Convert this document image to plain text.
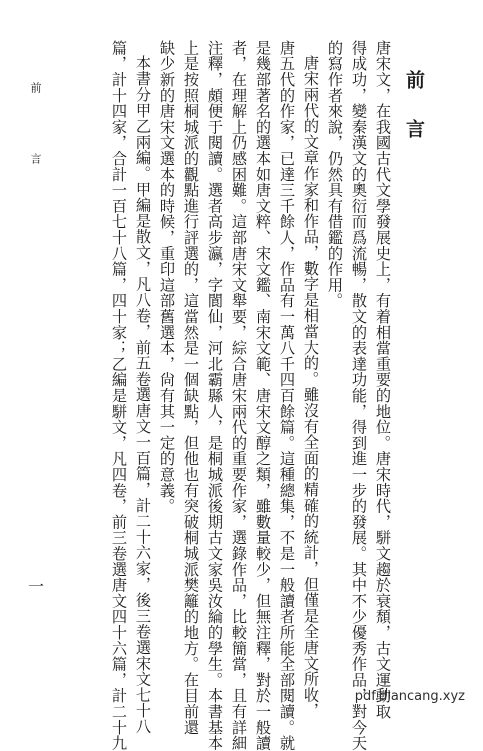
前言
唐宋文，在我國古代文學發展史上，有着相當重要的地位。唐宋時代，駢文趨於衰頹，古文運動取
得成功，變秦漢文的奧衍而爲流暢，散文的表達功能，得到進一步的發展。其中不少優秀作品，對今天
的寫作者來說，仍然具有借鑑的作用。
唐宋兩代的文章作家和作品，數字是相當大的。雖沒有全面的精確的統計，但僅是全唐文所收，
唐五代的作家，已達三千餘人，作品有一萬八千四百餘篇。這種總集，不是一般讀者所能全部閱讀。就
是幾部著名的選本如唐文粹、宋文鑑、南宋文範、唐宋文醇之類，雖數量較少，但無注釋，對於一般讀
者，在理解上仍感困難。這部唐宋文舉要，綜合唐宋兩代的重要作家，選錄作品，比較簡當，且有詳細
注釋，頗便于閱讀。選者高步瀛，字閬仙，河北霸縣人，是桐城派後期古文家吳汝綸的學生。本書基本
上是按照桐城派的觀點進行評選的，這當然是一個缺點，但他也有突破桐城派樊籬的地方。在目前還
缺少新的唐宋文選本的時候，重印這部舊選本，尙有其一定的意義。
本書分甲乙兩編。甲編是散文，凡八卷，前五卷選唐文一百篇，計二十六家，後三卷選宋文七十八
篇，計十四家，合計一百七十八篇，四十家；乙編是駢文，凡四卷，前三卷選唐文四十六篇，計二十九
前言
一
pdf.diancang.xyz
